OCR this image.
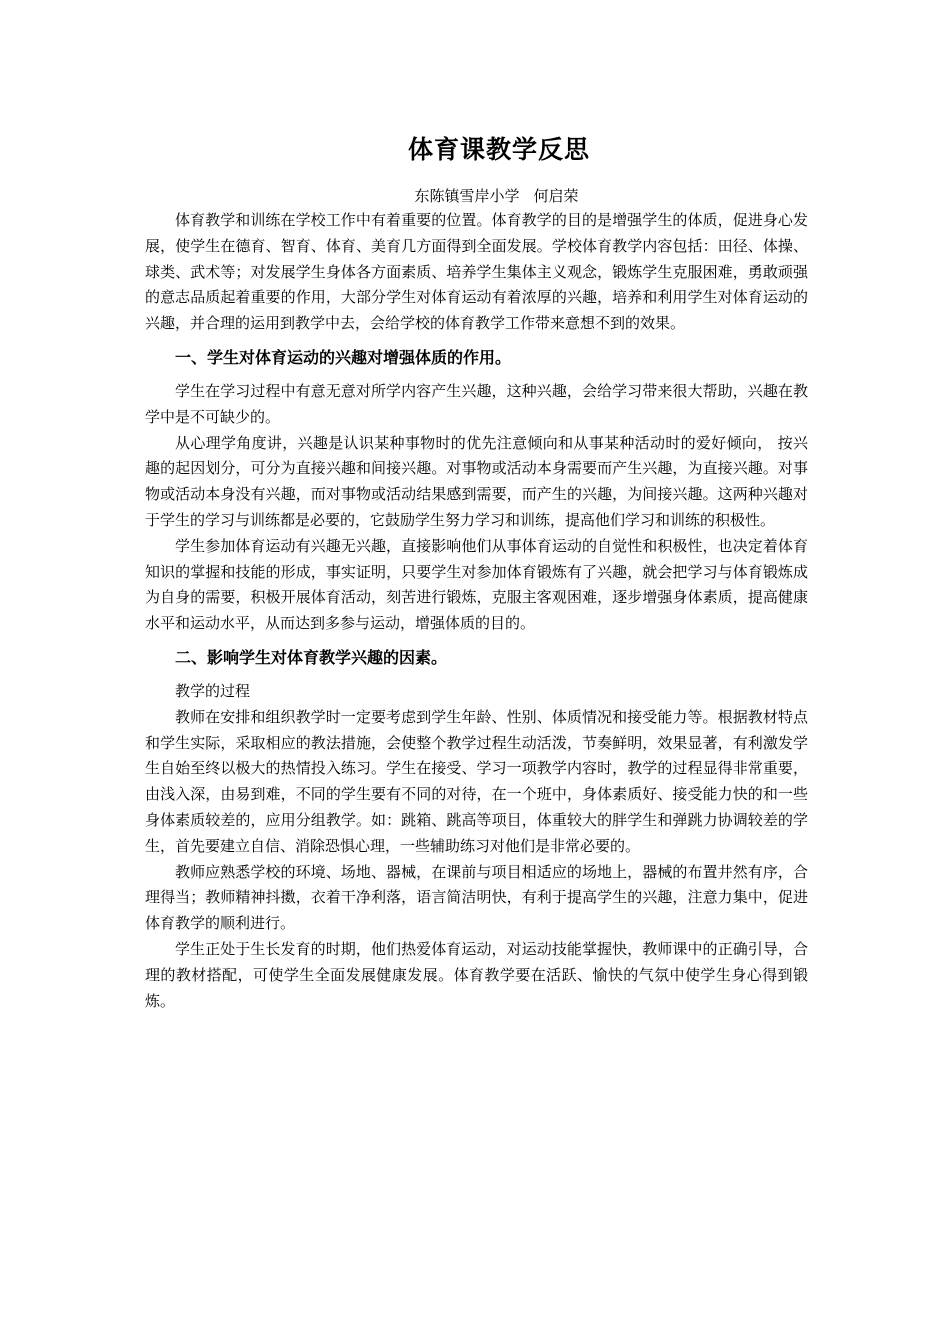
体育课教学反思
东陈镇雪岸小学 何启荣

体育教学和训练在学校工作中有着重要的位置。体育教学的目的是增强学生的体质，促进身心发展，使学生在德育、智育、体育、美育几方面得到全面发展。学校体育教学内容包括：田径、体操、球类、武术等；对发展学生身体各方面素质、培养学生集体主义观念，锻炼学生克服困难，勇敢顽强的意志品质起着重要的作用，大部分学生对体育运动有着浓厚的兴趣，培养和利用学生对体育运动的兴趣，并合理的运用到教学中去，会给学校的体育教学工作带来意想不到的效果。

一、学生对体育运动的兴趣对增强体质的作用。

学生在学习过程中有意无意对所学内容产生兴趣，这种兴趣，会给学习带来很大帮助，兴趣在教学中是不可缺少的。

从心理学角度讲，兴趣是认识某种事物时的优先注意倾向和从事某种活动时的爱好倾向， 按兴趣的起因划分，可分为直接兴趣和间接兴趣。对事物或活动本身需要而产生兴趣，为直接兴趣。对事物或活动本身没有兴趣，而对事物或活动结果感到需要，而产生的兴趣，为间接兴趣。这两种兴趣对于学生的学习与训练都是必要的，它鼓励学生努力学习和训练，提高他们学习和训练的积极性。

学生参加体育运动有兴趣无兴趣，直接影响他们从事体育运动的自觉性和积极性，也决定着体育知识的掌握和技能的形成，事实证明，只要学生对参加体育锻炼有了兴趣，就会把学习与体育锻炼成为自身的需要，积极开展体育活动，刻苦进行锻炼，克服主客观困难，逐步增强身体素质，提高健康水平和运动水平，从而达到多参与运动，增强体质的目的。

二、影响学生对体育教学兴趣的因素。

教学的过程

教师在安排和组织教学时一定要考虑到学生年龄、性别、体质情况和接受能力等。根据教材特点和学生实际，采取相应的教法措施，会使整个教学过程生动活泼，节奏鲜明，效果显著，有利激发学生自始至终以极大的热情投入练习。学生在接受、学习一项教学内容时，教学的过程显得非常重要，由浅入深，由易到难，不同的学生要有不同的对待，在一个班中，身体素质好、接受能力快的和一些身体素质较差的，应用分组教学。如：跳箱、跳高等项目，体重较大的胖学生和弹跳力协调较差的学生，首先要建立自信、消除恐惧心理，一些辅助练习对他们是非常必要的。

教师应熟悉学校的环境、场地、器械，在课前与项目相适应的场地上，器械的布置井然有序，合理得当；教师精神抖擞，衣着干净利落，语言简洁明快，有利于提高学生的兴趣，注意力集中，促进体育教学的顺利进行。

学生正处于生长发育的时期，他们热爱体育运动，对运动技能掌握快，教师课中的正确引导，合理的教材搭配，可使学生全面发展健康发展。体育教学要在活跃、愉快的气氛中使学生身心得到锻炼。
